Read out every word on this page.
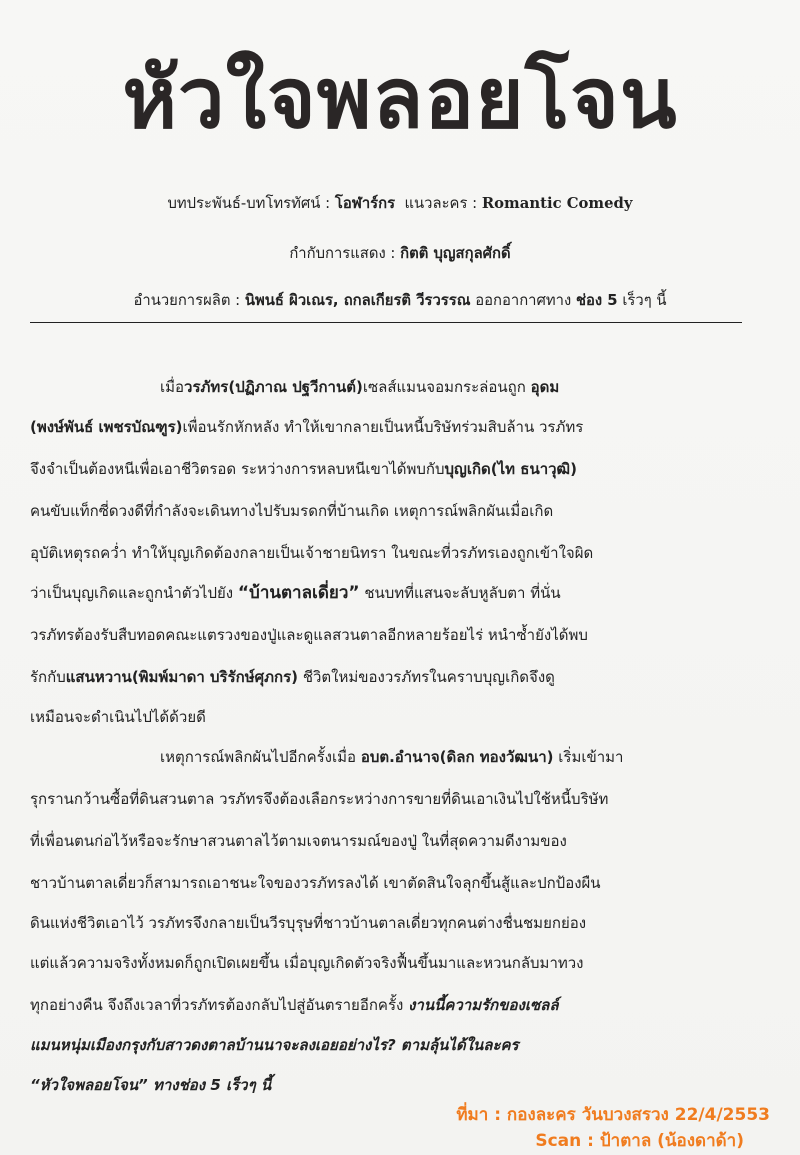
หัวใจพลอยโจน
บทประพันธ์-บทโทรทัศน์ : โอฬาร์กร แนวละคร : Romantic Comedy
กำกับการแสดง : กิตติ บุญสกุลศักดิ์
อำนวยการผลิต : นิพนธ์ ผิวเณร, ถกลเกียรติ วีรวรรณ ออกอากาศทาง ช่อง 5 เร็วๆ นี้
เมื่อวรภัทร(ปฏิภาณ ปฐวีกานต์)เซลส์แมนจอมกระล่อนถูก อุดม
(พงษ์พันธ์ เพชรบัณฑูร)เพื่อนรักหักหลัง ทำให้เขากลายเป็นหนี้บริษัทร่วมสิบล้าน วรภัทร
จึงจำเป็นต้องหนีเพื่อเอาชีวิตรอด ระหว่างการหลบหนีเขาได้พบกับบุญเกิด(ไท ธนาวุฒิ)
คนขับแท็กซี่ดวงดีที่กำลังจะเดินทางไปรับมรดกที่บ้านเกิด เหตุการณ์พลิกผันเมื่อเกิด
อุบัติเหตุรถคว่ำ ทำให้บุญเกิดต้องกลายเป็นเจ้าชายนิทรา ในขณะที่วรภัทรเองถูกเข้าใจผิด
ว่าเป็นบุญเกิดและถูกนำตัวไปยัง “บ้านตาลเดี่ยว” ชนบทที่แสนจะลับหูลับตา ที่นั่น
วรภัทรต้องรับสืบทอดคณะแตรวงของปู่และดูแลสวนตาลอีกหลายร้อยไร่ หนำซ้ำยังได้พบ
รักกับแสนหวาน(พิมพ์มาดา บริรักษ์ศุภกร) ชีวิตใหม่ของวรภัทรในคราบบุญเกิดจึงดู
เหมือนจะดำเนินไปได้ด้วยดี
เหตุการณ์พลิกผันไปอีกครั้งเมื่อ อบต.อำนาจ(ดิลก ทองวัฒนา) เริ่มเข้ามา
รุกรานกว้านซื้อที่ดินสวนตาล วรภัทรจึงต้องเลือกระหว่างการขายที่ดินเอาเงินไปใช้หนี้บริษัท
ที่เพื่อนตนก่อไว้หรือจะรักษาสวนตาลไว้ตามเจตนารมณ์ของปู่ ในที่สุดความดีงามของ
ชาวบ้านตาลเดี่ยวก็สามารถเอาชนะใจของวรภัทรลงได้ เขาตัดสินใจลุกขึ้นสู้และปกป้องผืน
ดินแห่งชีวิตเอาไว้ วรภัทรจึงกลายเป็นวีรบุรุษที่ชาวบ้านตาลเดี่ยวทุกคนต่างชื่นชมยกย่อง
แต่แล้วความจริงทั้งหมดก็ถูกเปิดเผยขึ้น เมื่อบุญเกิดตัวจริงฟื้นขึ้นมาและหวนกลับมาทวง
ทุกอย่างคืน จึงถึงเวลาที่วรภัทรต้องกลับไปสู่อันตรายอีกครั้ง งานนี้ความรักของเซลล์
แมนหนุ่มเมืองกรุงกับสาวดงตาลบ้านนาจะลงเอยอย่างไร? ตามลุ้นได้ในละคร
“หัวใจพลอยโจน” ทางช่อง 5 เร็วๆ นี้
ที่มา : กองละคร วันบวงสรวง 22/4/2553
Scan : ป้าตาล (น้องดาด้า)
